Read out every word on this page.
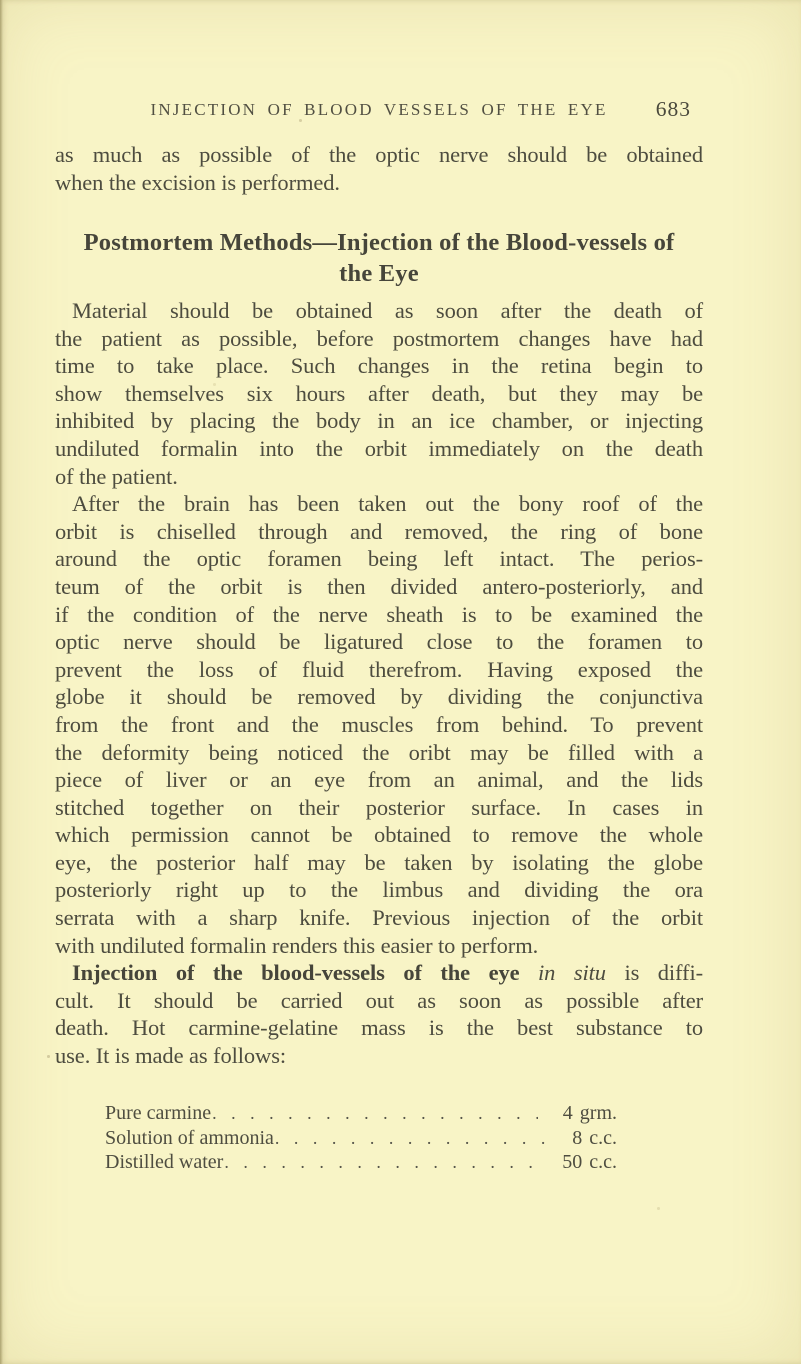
INJECTION OF BLOOD VESSELS OF THE EYE	683
as much as possible of the optic nerve should be obtained
when the excision is performed.
Postmortem Methods—Injection of the Blood-vessels of
the Eye
Material should be obtained as soon after the death of
the patient as possible, before postmortem changes have had
time to take place. Such changes in the retina begin to
show themselves six hours after death, but they may be
inhibited by placing the body in an ice chamber, or injecting
undiluted formalin into the orbit immediately on the death
of the patient.
After the brain has been taken out the bony roof of the
orbit is chiselled through and removed, the ring of bone
around the optic foramen being left intact. The perios-
teum of the orbit is then divided antero-posteriorly, and
if the condition of the nerve sheath is to be examined the
optic nerve should be ligatured close to the foramen to
prevent the loss of fluid therefrom. Having exposed the
globe it should be removed by dividing the conjunctiva
from the front and the muscles from behind. To prevent
the deformity being noticed the oribt may be filled with a
piece of liver or an eye from an animal, and the lids
stitched together on their posterior surface. In cases in
which permission cannot be obtained to remove the whole
eye, the posterior half may be taken by isolating the globe
posteriorly right up to the limbus and dividing the ora
serrata with a sharp knife. Previous injection of the orbit
with undiluted formalin renders this easier to perform.
Injection of the blood-vessels of the eye in situ is diffi-
cult. It should be carried out as soon as possible after
death. Hot carmine-gelatine mass is the best substance to
use. It is made as follows:
Pure carmine . . .	4 grm.
Solution of ammonia . . .	8 c.c.
Distilled water . . .	50 c.c.
